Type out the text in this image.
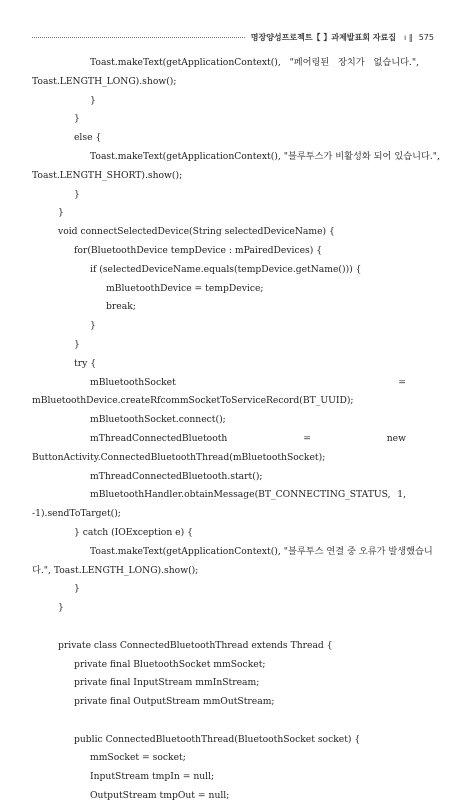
명장양성프로젝트【 】과제발표회 자료집 ı ‖ 575
Toast.makeText(getApplicationContext(),   "페어링된   장치가   없습니다.",
Toast.LENGTH_LONG).show();
}
}
else {
Toast.makeText(getApplicationContext(), "블루투스가 비활성화 되어 있습니다.",
Toast.LENGTH_SHORT).show();
}
}
void connectSelectedDevice(String selectedDeviceName) {
for(BluetoothDevice tempDevice : mPairedDevices) {
if (selectedDeviceName.equals(tempDevice.getName())) {
mBluetoothDevice = tempDevice;
break;
}
}
try {
mBluetoothSocket	=
mBluetoothDevice.createRfcommSocketToServiceRecord(BT_UUID);
mBluetoothSocket.connect();
mThreadConnectedBluetooth	=	new
ButtonActivity.ConnectedBluetoothThread(mBluetoothSocket);
mThreadConnectedBluetooth.start();
mBluetoothHandler.obtainMessage(BT_CONNECTING_STATUS, 1,
-1).sendToTarget();
} catch (IOException e) {
Toast.makeText(getApplicationContext(), "블루투스 연결 중 오류가 발생했습니
다.", Toast.LENGTH_LONG).show();
}
}
private class ConnectedBluetoothThread extends Thread {
private final BluetoothSocket mmSocket;
private final InputStream mmInStream;
private final OutputStream mmOutStream;
public ConnectedBluetoothThread(BluetoothSocket socket) {
mmSocket = socket;
InputStream tmpIn = null;
OutputStream tmpOut = null;
